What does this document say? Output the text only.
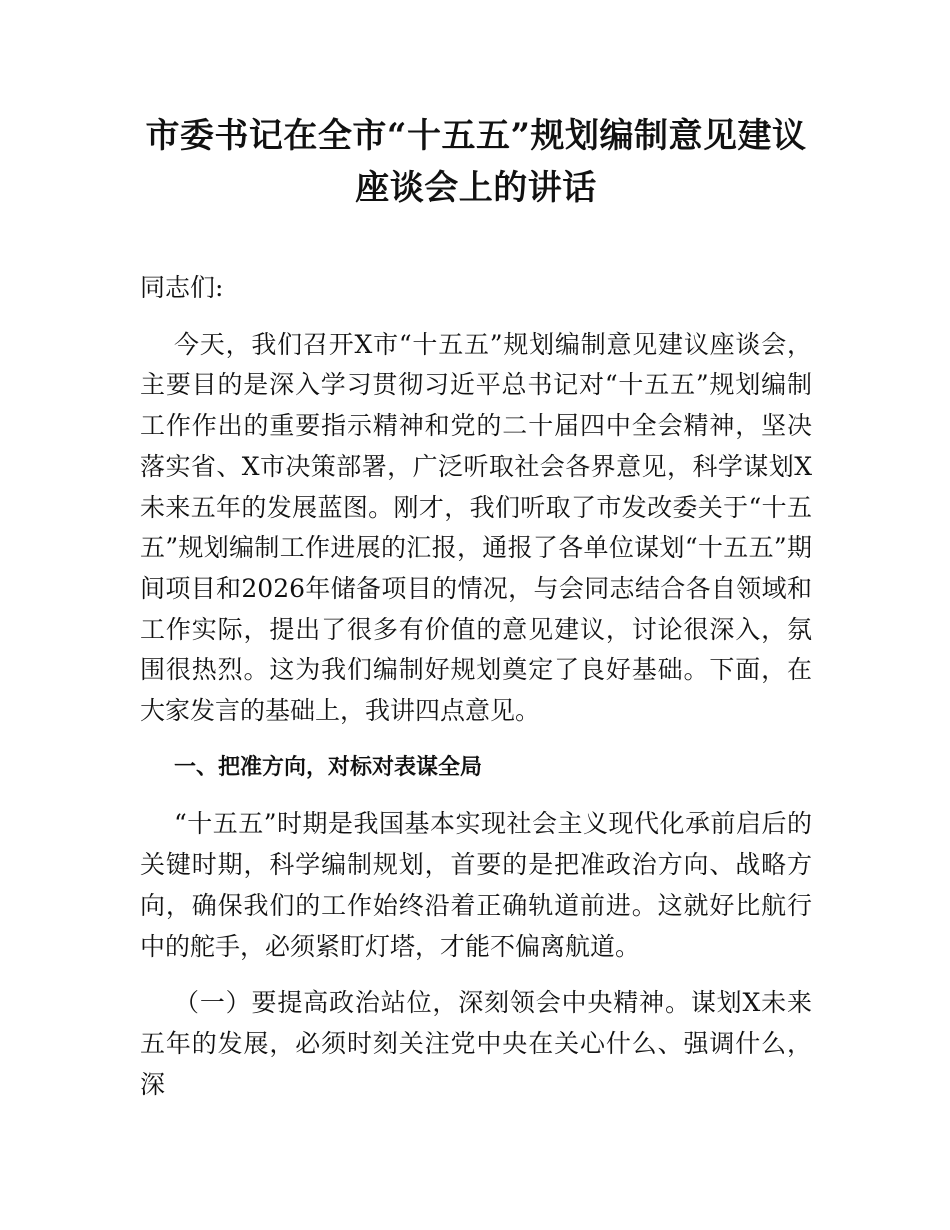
市委书记在全市“十五五”规划编制意见建议座谈会上的讲话

同志们:

今天，我们召开X市“十五五”规划编制意见建议座谈会，主要目的是深入学习贯彻习近平总书记对“十五五”规划编制工作作出的重要指示精神和党的二十届四中全会精神，坚决落实省、X市决策部署，广泛听取社会各界意见，科学谋划X未来五年的发展蓝图。刚才，我们听取了市发改委关于“十五五”规划编制工作进展的汇报，通报了各单位谋划“十五五”期间项目和2026年储备项目的情况，与会同志结合各自领域和工作实际，提出了很多有价值的意见建议，讨论很深入，氛围很热烈。这为我们编制好规划奠定了良好基础。下面，在大家发言的基础上，我讲四点意见。

一、把准方向，对标对表谋全局

“十五五”时期是我国基本实现社会主义现代化承前启后的关键时期，科学编制规划，首要的是把准政治方向、战略方向，确保我们的工作始终沿着正确轨道前进。这就好比航行中的舵手，必须紧盯灯塔，才能不偏离航道。

（一）要提高政治站位，深刻领会中央精神。谋划X未来五年的发展，必须时刻关注党中央在关心什么、强调什么，深
